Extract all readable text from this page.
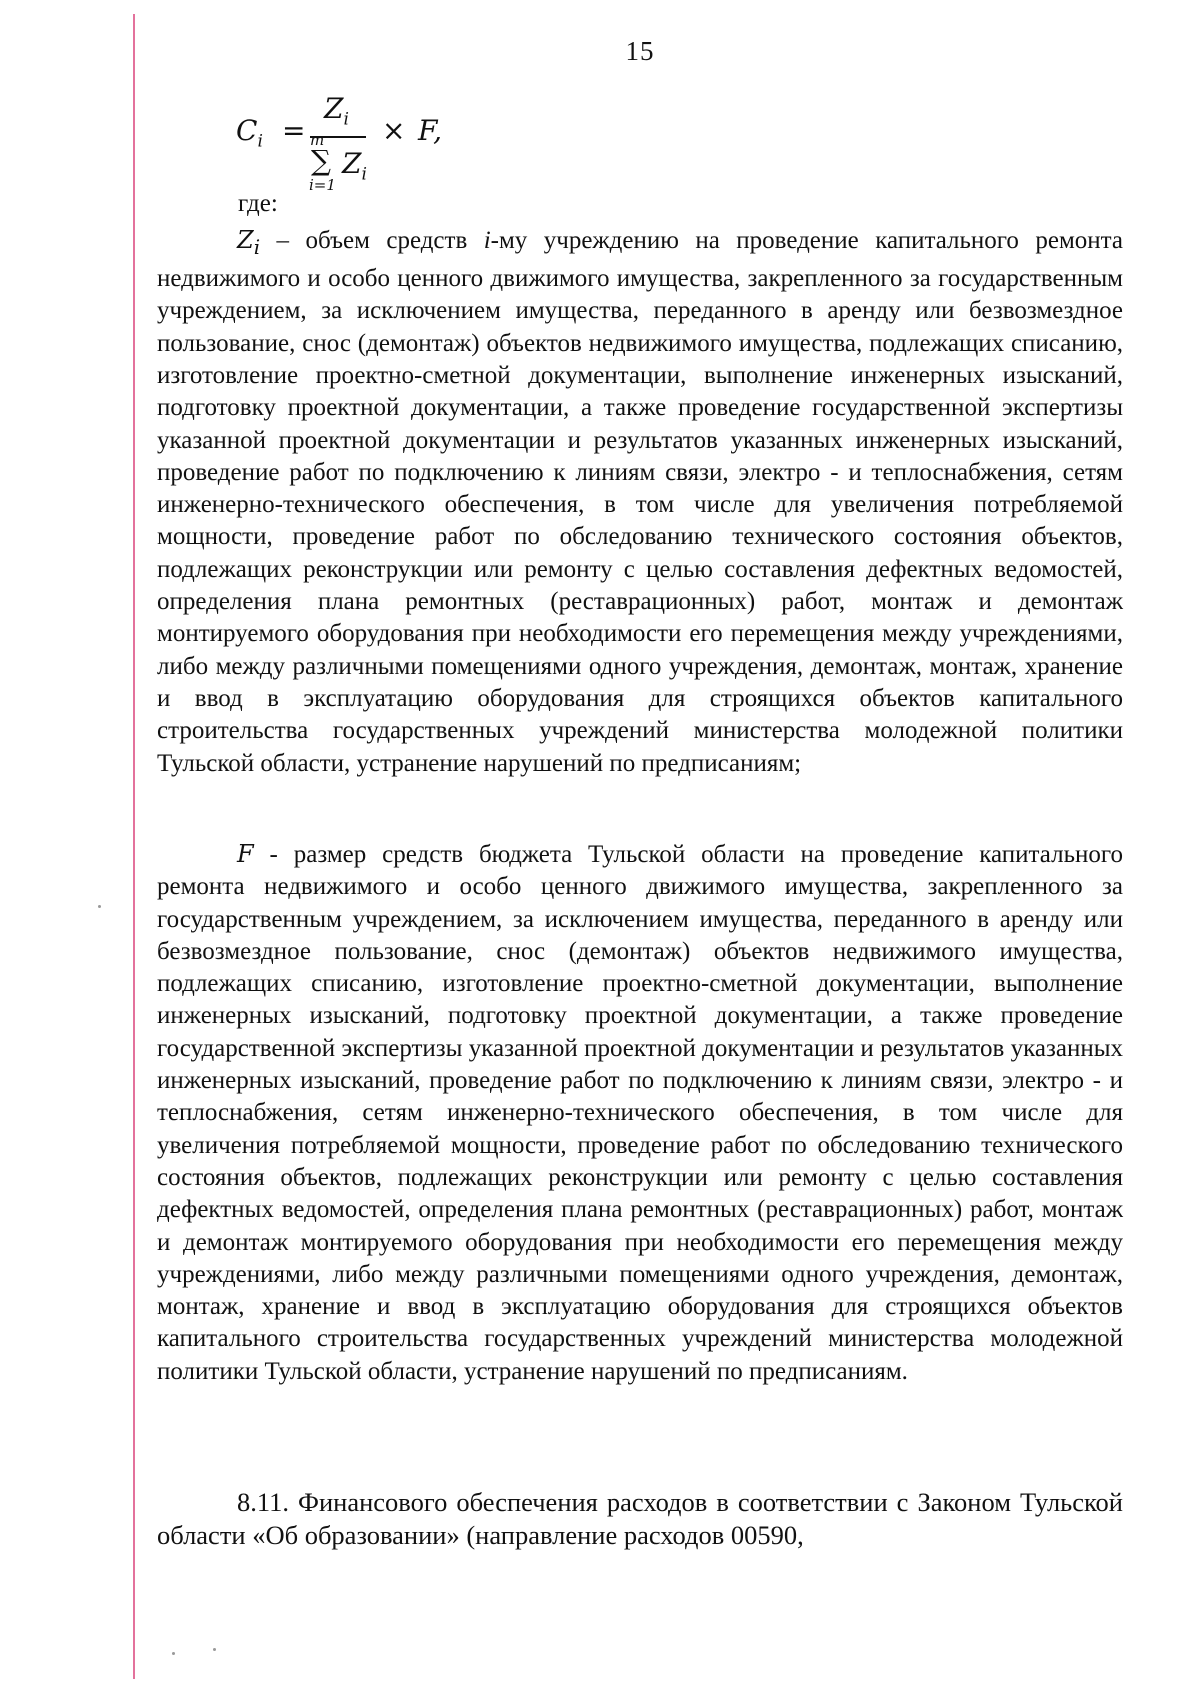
15
$C_i$ =
$Z_i$
m
∑ $Z_i$
i=1
× F,
где:

$Z_i$ – объем средств i-му учреждению на проведение капитального ремонта недвижимого и особо ценного движимого имущества, закрепленного за государственным учреждением, за исключением имущества, переданного в аренду или безвозмездное пользование, снос (демонтаж) объектов недвижимого имущества, подлежащих списанию, изготовление проектно-сметной документации, выполнение инженерных изысканий, подготовку проектной документации, а также проведение государственной экспертизы указанной проектной документации и результатов указанных инженерных изысканий, проведение работ по подключению к линиям связи, электро - и теплоснабжения, сетям инженерно-технического обеспечения, в том числе для увеличения потребляемой мощности, проведение работ по обследованию технического состояния объектов, подлежащих реконструкции или ремонту с целью составления дефектных ведомостей, определения плана ремонтных (реставрационных) работ, монтаж и демонтаж монтируемого оборудования при необходимости его перемещения между учреждениями, либо между различными помещениями одного учреждения, демонтаж, монтаж, хранение и ввод в эксплуатацию оборудования для строящихся объектов капитального строительства государственных учреждений министерства молодежной политики Тульской области, устранение нарушений по предписаниям;

F - размер средств бюджета Тульской области на проведение капитального ремонта недвижимого и особо ценного движимого имущества, закрепленного за государственным учреждением, за исключением имущества, переданного в аренду или безвозмездное пользование, снос (демонтаж) объектов недвижимого имущества, подлежащих списанию, изготовление проектно-сметной документации, выполнение инженерных изысканий, подготовку проектной документации, а также проведение государственной экспертизы указанной проектной документации и результатов указанных инженерных изысканий, проведение работ по подключению к линиям связи, электро - и теплоснабжения, сетям инженерно-технического обеспечения, в том числе для увеличения потребляемой мощности, проведение работ по обследованию технического состояния объектов, подлежащих реконструкции или ремонту с целью составления дефектных ведомостей, определения плана ремонтных (реставрационных) работ, монтаж и демонтаж монтируемого оборудования при необходимости его перемещения между учреждениями, либо между различными помещениями одного учреждения, демонтаж, монтаж, хранение и ввод в эксплуатацию оборудования для строящихся объектов капитального строительства государственных учреждений министерства молодежной политики Тульской области, устранение нарушений по предписаниям.

8.11. Финансового обеспечения расходов в соответствии с Законом Тульской области «Об образовании» (направление расходов 00590,
